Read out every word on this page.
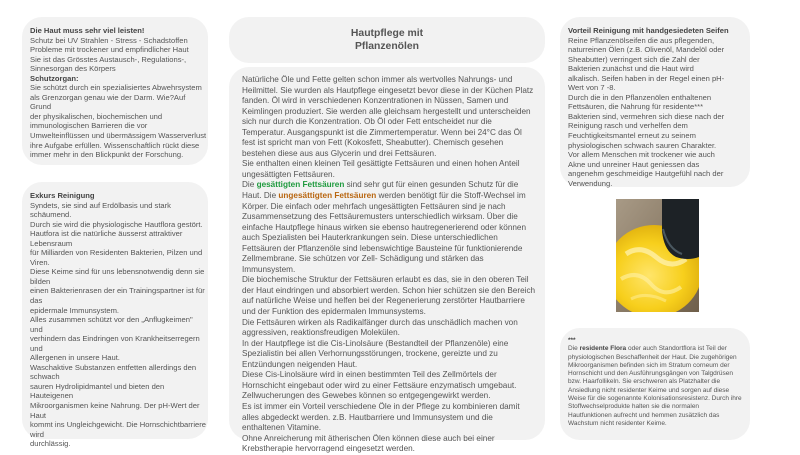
Die Haut muss sehr viel leisten!

Schutz bei UV Strahlen - Stress - Schadstoffen

Probleme mit trockener und empfindlicher Haut

Sie ist das Grösstes Austausch-, Regulations-,

Sinnesorgan des Körpers

Schutzorgan:

Sie schützt durch ein spezialisiertes Abwehrsystem

als Grenzorgan genau wie der Darm. Wie?Auf Grund

der physikalischen, biochemischen und

immunologischen Barrieren die vor

Umwelteinflüssen und übermässigem Wasserverlust

ihre Aufgabe erfüllen. Wissenschaftlich rückt diese

immer mehr in den Blickpunkt der Forschung.

Exkurs Reinigung

Syndets, sie sind auf Erdölbasis und stark

schäumend.

Durch sie wird die physiologische Hautflora gestört.

Hautfora ist die natürliche äusserst attraktiver

Lebensraum

für Milliarden von Residenten Bakterien, Pilzen und

Viren.

Diese Keime sind für uns lebensnotwendig denn sie

bilden

einen Bakterienrasen der ein Trainingspartner ist für

das

epidermale Immunsystem.

Alles zusammen schützt vor den „Anflugkeimen"

und

verhindern das Eindringen von Krankheitserregern

und

Allergenen in unsere Haut.

Waschaktive Substanzen entfetten allerdings den

schwach

sauren Hydrolipidmantel und bieten den

Hauteigenen

Mikroorganismen keine Nahrung. Der pH-Wert der

Haut

kommt ins Ungleichgewicht. Die Hornschichtbarriere

wird

durchlässig.

Hautpflege mit
Pflanzenölen

Natürliche Öle und Fette gelten schon immer als wertvolles Nahrungs- und

Heilmittel. Sie wurden als Hautpflege eingesetzt bevor diese in der Küchen Platz

fanden. Öl wird in verschiedenen Konzentrationen in Nüssen, Samen und

Keimlingen produziert. Sie werden alle gleichsam hergestellt und unterscheiden

sich nur durch die Konzentration. Ob Öl oder Fett entscheidet nur die

Temperatur. Ausgangspunkt ist die Zimmertemperatur. Wenn bei 24°C das Öl

fest ist spricht man von Fett (Kokosfett, Sheabutter). Chemisch gesehen

bestehen diese aus aus Glycerin und drei Fettsäuren.

Sie enthalten einen kleinen Teil gesättigte Fettsäuren und einen hohen Anteil

ungesättigten Fettsäuren.

Die gesättigten Fettsäuren sind sehr gut für einen gesunden Schutz für die

Haut. Die ungesättigten Fettsäuren werden benötigt für die Stoff-Wechsel im

Körper. Die einfach oder mehrfach ungesättigten Fettsäuren sind je nach

Zusammensetzung des Fettsäuremusters unterschiedlich wirksam. Über die

einfache Hautpflege hinaus wirken sie ebenso hautregenerierend oder können

auch Spezialisten bei Hauterkrankungen sein. Diese unterschiedlichen

Fettsäuren der Pflanzenöle sind lebenswichtige Bausteine für funktionierende

Zellmembrane. Sie schützen vor Zell- Schädigung und stärken das

Immunsystem.

Die biochemische Struktur der Fettsäuren erlaubt es das, sie in den oberen Teil

der Haut eindringen und absorbiert werden. Schon hier schützen sie den Bereich

auf natürliche Weise und helfen bei der Regenerierung zerstörter Hautbarriere

und der Funktion des epidermalen Immunsystems.

Die Fettsäuren wirken als Radikalfänger durch das unschädlich machen von

aggressiven, reaktionsfreudigen Molekülen.

In der Hautpflege ist die Cis-Linolsäure (Bestandteil der Pflanzenöle) eine

Spezialistin bei allen Verhornungsstörungen, trockene, gereizte und zu

Entzündungen neigenden Haut.

Diese Cis-Linolsäure wird in einen bestimmten Teil des Zellmörtels der

Hornschicht eingebaut oder wird zu einer Fettsäure enzymatisch umgebaut.

Zellwucherungen des Gewebes können so entgegengewirkt werden.

Es ist immer ein Vorteil verschiedene Öle in der Pflege zu kombinieren damit

alles abgedeckt werden. z.B. Hautbarriere und Immunsystem und die

enthaltenen Vitamine.

Ohne Anreicherung mit ätherischen Ölen können diese auch bei einer

Krebstherapie hervorragend eingesetzt werden.

Vorteil Reinigung mit handgesiedeten Seifen

Reine Pflanzenölseifen die aus pflegenden,

naturreinen Ölen (z.B. Olivenöl, Mandelöl oder

Sheabutter) verringert sich die Zahl der

Bakterien zunächst und die Haut wird

alkalisch. Seifen haben in der Regel einen pH-

Wert von 7 -8.

Durch die in den Pflanzenölen enthaltenen

Fettsäuren, die Nahrung für residente***

Bakterien sind, vermehren sich diese nach der

Reinigung rasch und verhelfen dem

Feuchtigkeitsmantel erneut zu seinem

physiologischen schwach sauren Charakter.

Vor allem Menschen mit trockener wie auch

Akne und unreiner Haut geniessen das

angenehm geschmeidige Hautgefühl nach der

Verwendung.

***

Die residente Flora oder auch Standortflora ist Teil der

physiologischen Beschaffenheit der Haut. Die zugehörigen

Mikroorganismen befinden sich im Stratum corneum der

Hornschicht und den Ausführungsgängen von Talgdrüsen

bzw. Haarfollikeln. Sie erschweren als Platzhalter die

Ansiedlung nicht residenter Keime und sorgen auf diese

Weise für die sogenannte Kolonisationsresistenz. Durch ihre

Stoffwechselprodukte halten sie die normalen

Hautfunktionen aufrecht und hemmen zusätzlich das

Wachstum nicht residenter Keime.
